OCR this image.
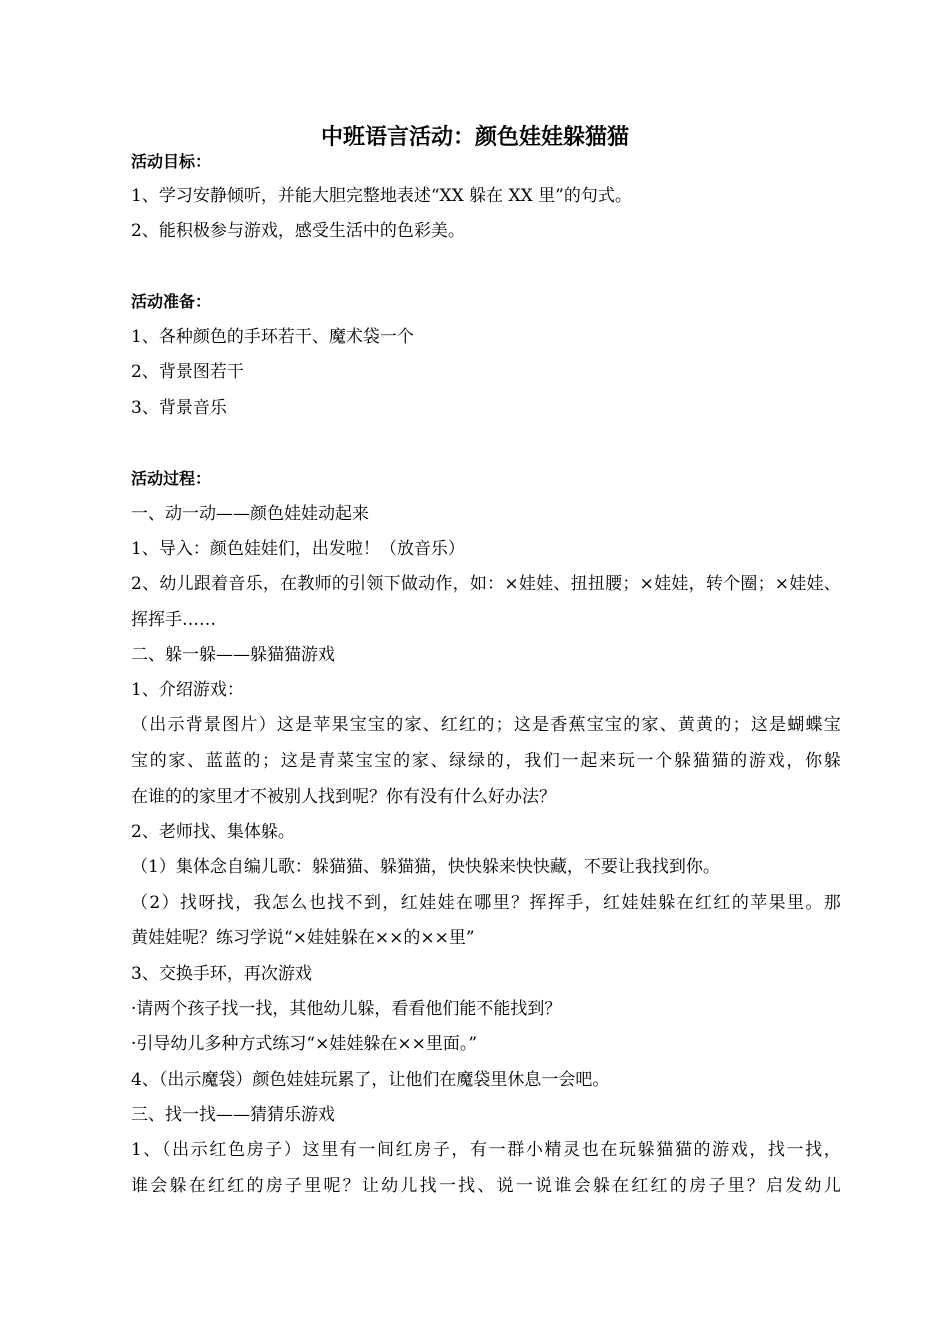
中班语言活动：颜色娃娃躲猫猫
活动目标：
1、学习安静倾听，并能大胆完整地表述“XX 躲在 XX 里”的句式。
2、能积极参与游戏，感受生活中的色彩美。
活动准备：
1、各种颜色的手环若干、魔术袋一个
2、背景图若干
3、背景音乐
活动过程：
一、动一动——颜色娃娃动起来
1、导入：颜色娃娃们，出发啦！（放音乐）
2、幼儿跟着音乐，在教师的引领下做动作，如：×娃娃、扭扭腰；×娃娃，转个圈；×娃娃、
挥挥手……
二、躲一躲——躲猫猫游戏
1、介绍游戏：
（出示背景图片）这是苹果宝宝的家、红红的；这是香蕉宝宝的家、黄黄的；这是蝴蝶宝
宝的家、蓝蓝的；这是青菜宝宝的家、绿绿的，我们一起来玩一个躲猫猫的游戏，你躲
在谁的的家里才不被别人找到呢？你有没有什么好办法？
2、老师找、集体躲。
（1）集体念自编儿歌：躲猫猫、躲猫猫，快快躲来快快藏，不要让我找到你。
（2）找呀找，我怎么也找不到，红娃娃在哪里？挥挥手，红娃娃躲在红红的苹果里。那
黄娃娃呢？练习学说“×娃娃躲在××的××里”
3、交换手环，再次游戏
·请两个孩子找一找，其他幼儿躲，看看他们能不能找到？
·引导幼儿多种方式练习“×娃娃躲在××里面。”
4、（出示魔袋）颜色娃娃玩累了，让他们在魔袋里休息一会吧。
三、找一找——猜猜乐游戏
1、（出示红色房子）这里有一间红房子，有一群小精灵也在玩躲猫猫的游戏，找一找，
谁会躲在红红的房子里呢？让幼儿找一找、说一说谁会躲在红红的房子里？启发幼儿
